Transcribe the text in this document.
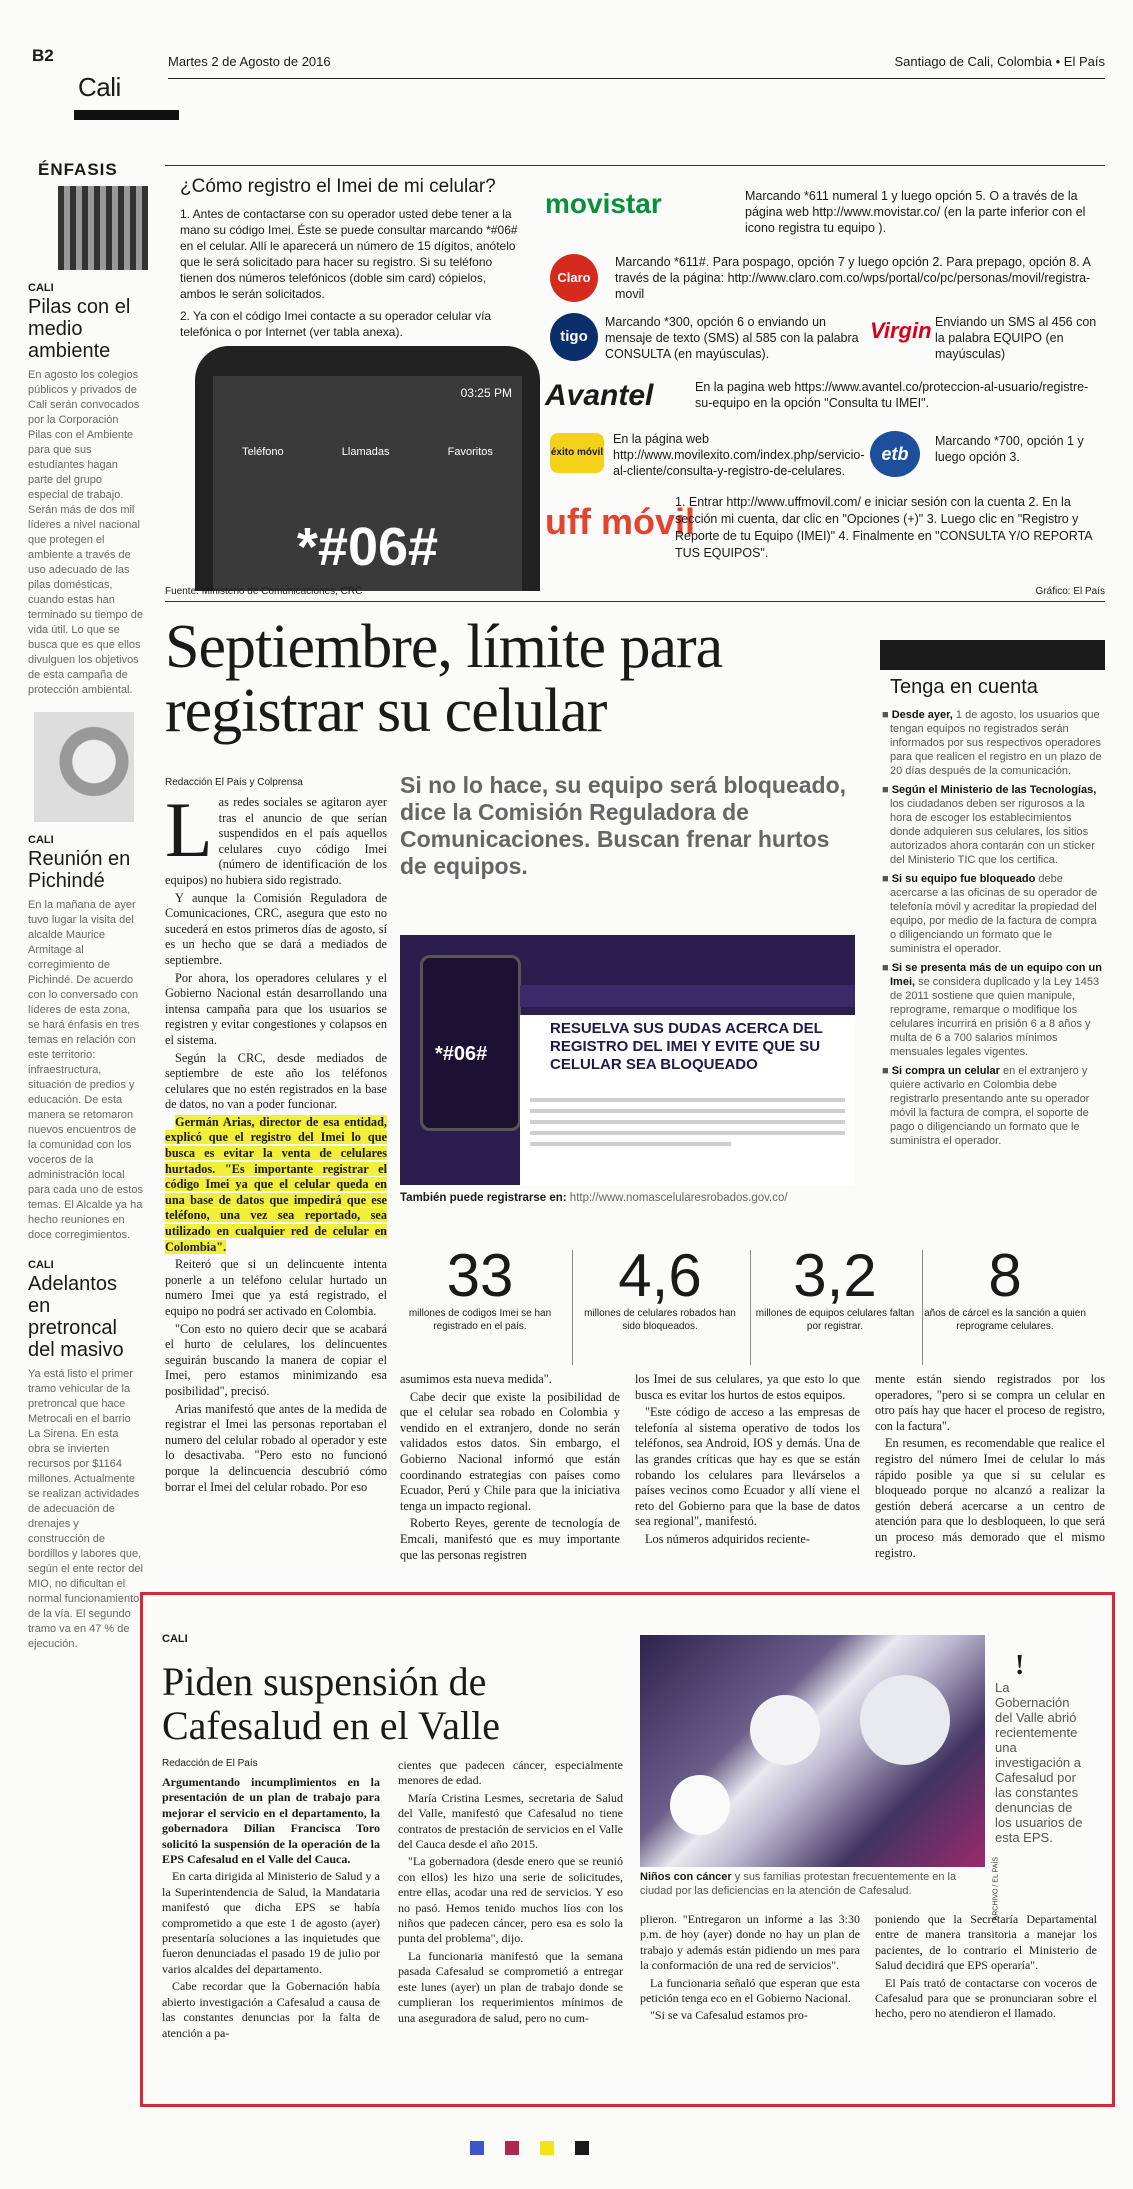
B2
Cali
Martes 2 de Agosto de 2016	Santiago de Cali, Colombia • El País
ÉNFASIS
CALI
Pilas con el medio ambiente
En agosto los colegios públicos y privados de Cali serán convocados por la Corporación Pilas con el Ambiente para que sus estudiantes hagan parte del grupo especial de trabajo. Serán más de dos mil líderes a nivel nacional que protegen el ambiente a través de uso adecuado de las pilas domésticas, cuando estas han terminado su tiempo de vida útil. Lo que se busca que es que ellos divulguen los objetivos de esta campaña de protección ambiental.
CALI
Reunión en Pichindé
En la mañana de ayer tuvo lugar la visita del alcalde Maurice Armitage al corregimiento de Pichindé. De acuerdo con lo conversado con líderes de esta zona, se hará énfasis en tres temas en relación con este territorio: infraestructura, situación de predios y educación. De esta manera se retomaron nuevos encuentros de la comunidad con los voceros de la administración local para cada uno de estos temas. El Alcalde ya ha hecho reuniones en doce corregimientos.
CALI
Adelantos en pretroncal del masivo
Ya está listo el primer tramo vehicular de la pretroncal que hace Metrocali en el barrio La Sirena. En esta obra se invierten recursos por $1164 millones. Actualmente se realizan actividades de adecuación de drenajes y construcción de bordillos y labores que, según el ente rector del MIO, no dificultan el normal funcionamiento de la vía. El segundo tramo va en 47 % de ejecución.
¿Cómo registro el Imei de mi celular?
1. Antes de contactarse con su operador usted debe tener a la mano su código Imei. Éste se puede consultar marcando *#06# en el celular. Allí le aparecerá un número de 15 dígitos, anótelo que le será solicitado para hacer su registro. Si su teléfono tienen dos números telefónicos (doble sim card) cópielos, ambos le serán solicitados.
2. Ya con el código Imei contacte a su operador celular vía telefónica o por Internet (ver tabla anexa).
03:25 PM
Teléfono	Llamadas	Favoritos
*#06#
movistar	Marcando *611 numeral 1 y luego opción 5. O a través de la página web http://www.movistar.co/ (en la parte inferior con el icono registra tu equipo ).
Claro
Marcando *611#. Para pospago, opción 7 y luego opción 2. Para prepago, opción 8. A través de la página: http://www.claro.com.co/wps/portal/co/pc/personas/movil/registra-movil
tigo
Marcando *300, opción 6 o enviando un mensaje de texto (SMS) al 585 con la palabra CONSULTA (en mayúsculas).
Virgin Enviando un SMS al 456 con la palabra EQUIPO (en mayúsculas)
Avantel	En la pagina web https://www.avantel.co/proteccion-al-usuario/registre-su-equipo en la opción "Consulta tu IMEI".
éxito móvil
En la página web http://www.movilexito.com/index.php/servicio-al-cliente/consulta-y-registro-de-celulares.
etb
Marcando *700, opción 1 y luego opción 3.
uff móvil
1. Entrar http://www.uffmovil.com/ e iniciar sesión con la cuenta 2. En la sección mi cuenta, dar clic en "Opciones (+)" 3. Luego clic en "Registro y Reporte de tu Equipo (IMEI)" 4. Finalmente en "CONSULTA Y/O REPORTA TUS EQUIPOS".
Fuente: Ministerio de Comunicaciones, CRC	Gráfico: El País
Septiembre, límite para registrar su celular
Redacción El País y Colprensa	Si no lo hace, su equipo será bloqueado, dice la Comisión Reguladora de Comunicaciones. Buscan frenar hurtos de equipos.

Las redes sociales se agitaron ayer tras el anuncio de que serían suspendidos en el país aquellos celulares cuyo código Imei (número de identificación de los equipos) no hubiera sido registrado.

Y aunque la Comisión Reguladora de Comunicaciones, CRC, asegura que esto no sucederá en estos primeros días de agosto, sí es un hecho que se dará a mediados de septiembre.

Por ahora, los operadores celulares y el Gobierno Nacional están desarrollando una intensa campaña para que los usuarios se registren y evitar congestiones y colapsos en el sistema.

Según la CRC, desde mediados de septiembre de este año los teléfonos celulares que no estén registrados en la base de datos, no van a poder funcionar.

Germán Arias, director de esa entidad, explicó que el registro del Imei lo que busca es evitar la venta de celulares hurtados. "Es importante registrar el código Imei ya que el celular queda en una base de datos que impedirá que ese teléfono, una vez sea reportado, sea utilizado en cualquier red de celular en Colombia".

Reiteró que si un delincuente intenta ponerle a un teléfono celular hurtado un numero Imei que ya está registrado, el equipo no podrá ser activado en Colombia.

"Con esto no quiero decir que se acabará el hurto de celulares, los delincuentes seguirán buscando la manera de copiar el Imei, pero estamos minimizando esa posibilidad", precisó.

Arias manifestó que antes de la medida de registrar el Imei las personas reportaban el numero del celular robado al operador y este lo desactivaba. "Pero esto no funcionó porque la delincuencia descubrió cómo borrar el Imei del celular robado. Por eso

*#06#
RESUELVA SUS DUDAS ACERCA DEL REGISTRO DEL IMEI Y EVITE QUE SU CELULAR SEA BLOQUEADO
También puede registrarse en: http://www.nomascelularesrobados.gov.co/
33
millones de codigos Imei se han registrado en el país.
4,6
millones de celulares robados han sido bloqueados.
3,2
millones de equipos celulares faltan por registrar.
8
años de cárcel es la sanción a quien reprograme celulares.

asumimos esta nueva medida".

Cabe decir que existe la posibilidad de que el celular sea robado en Colombia y vendido en el extranjero, donde no serán validados estos datos. Sin embargo, el Gobierno Nacional informó que están coordinando estrategias con países como Ecuador, Perú y Chile para que la iniciativa tenga un impacto regional.

Roberto Reyes, gerente de tecnología de Emcali, manifestó que es muy importante que las personas registren

los Imei de sus celulares, ya que esto lo que busca es evitar los hurtos de estos equipos.

"Este código de acceso a las empresas de telefonía al sistema operativo de todos los teléfonos, sea Android, IOS y demás. Una de las grandes críticas que hay es que se están robando los celulares para llevárselos a países vecinos como Ecuador y allí viene el reto del Gobierno para que la base de datos sea regional", manifestó.

Los números adquiridos reciente-

mente están siendo registrados por los operadores, "pero si se compra un celular en otro país hay que hacer el proceso de registro, con la factura".

En resumen, es recomendable que realice el registro del número Imei de celular lo más rápido posible ya que si su celular es bloqueado porque no alcanzó a realizar la gestión deberá acercarse a un centro de atención para que lo desbloqueen, lo que será un proceso más demorado que el mismo registro.

Tenga en cuenta
■ Desde ayer, 1 de agosto, los usuarios que tengan equipos no registrados serán informados por sus respectivos operadores para que realicen el registro en un plazo de 20 días después de la comunicación.
■ Según el Ministerio de las Tecnologías, los ciudadanos deben ser rigurosos a la hora de escoger los establecimientos donde adquieren sus celulares, los sitios autorizados ahora contarán con un sticker del Ministerio TIC que los certifica.
■ Si su equipo fue bloqueado debe acercarse a las oficinas de su operador de telefonía móvil y acreditar la propiedad del equipo, por medio de la factura de compra o diligenciando un formato que le suministra el operador.
■ Si se presenta más de un equipo con un Imei, se considera duplicado y la Ley 1453 de 2011 sostiene que quien manipule, reprograme, remarque o modifique los celulares incurrirá en prisión 6 a 8 años y multa de 6 a 700 salarios mínimos mensuales legales vigentes.
■ Si compra un celular en el extranjero y quiere activarlo en Colombia debe registrarlo presentando ante su operador móvil la factura de compra, el soporte de pago o diligenciando un formato que le suministra el operador.
CALI
Piden suspensión de Cafesalud en el Valle
Redacción de El País

Argumentando incumplimientos en la presentación de un plan de trabajo para mejorar el servicio en el departamento, la gobernadora Dilian Francisca Toro solicitó la suspensión de la operación de la EPS Cafesalud en el Valle del Cauca.

En carta dirigida al Ministerio de Salud y a la Superintendencia de Salud, la Mandataria manifestó que dicha EPS se había comprometido a que este 1 de agosto (ayer) presentaría soluciones a las inquietudes que fueron denunciadas el pasado 19 de julio por varios alcaldes del departamento.

Cabe recordar que la Gobernación había abierto investigación a Cafesalud a causa de las constantes denuncias por la falta de atención a pa-

cientes que padecen cáncer, especialmente menores de edad.

María Cristina Lesmes, secretaria de Salud del Valle, manifestó que Cafesalud no tiene contratos de prestación de servicios en el Valle del Cauca desde el año 2015.

"La gobernadora (desde enero que se reunió con ellos) les hizo una serie de solicitudes, entre ellas, acodar una red de servicios. Y eso no pasó. Hemos tenido muchos líos con los niños que padecen cáncer, pero esa es solo la punta del problema", dijo.

La funcionaria manifestó que la semana pasada Cafesalud se comprometió a entregar este lunes (ayer) un plan de trabajo donde se cumplieran los requerimientos mínimos de una aseguradora de salud, pero no cum-

ARCHIVO / EL PAÍS
Niños con cáncer y sus familias protestan frecuentemente en la ciudad por las deficiencias en la atención de Cafesalud.
!
La Gobernación del Valle abrió recientemente una investigación a Cafesalud por las constantes denuncias de los usuarios de esta EPS.

plieron. "Entregaron un informe a las 3:30 p.m. de hoy (ayer) donde no hay un plan de trabajo y además están pidiendo un mes para la conformación de una red de servicios".

La funcionaria señaló que esperan que esta petición tenga eco en el Gobierno Nacional.

"Si se va Cafesalud estamos pro-

poniendo que la Secretaría Departamental entre de manera transitoria a manejar los pacientes, de lo contrario el Ministerio de Salud decidirá que EPS operaría".

El País trató de contactarse con voceros de Cafesalud para que se pronunciaran sobre el hecho, pero no atendieron el llamado.
